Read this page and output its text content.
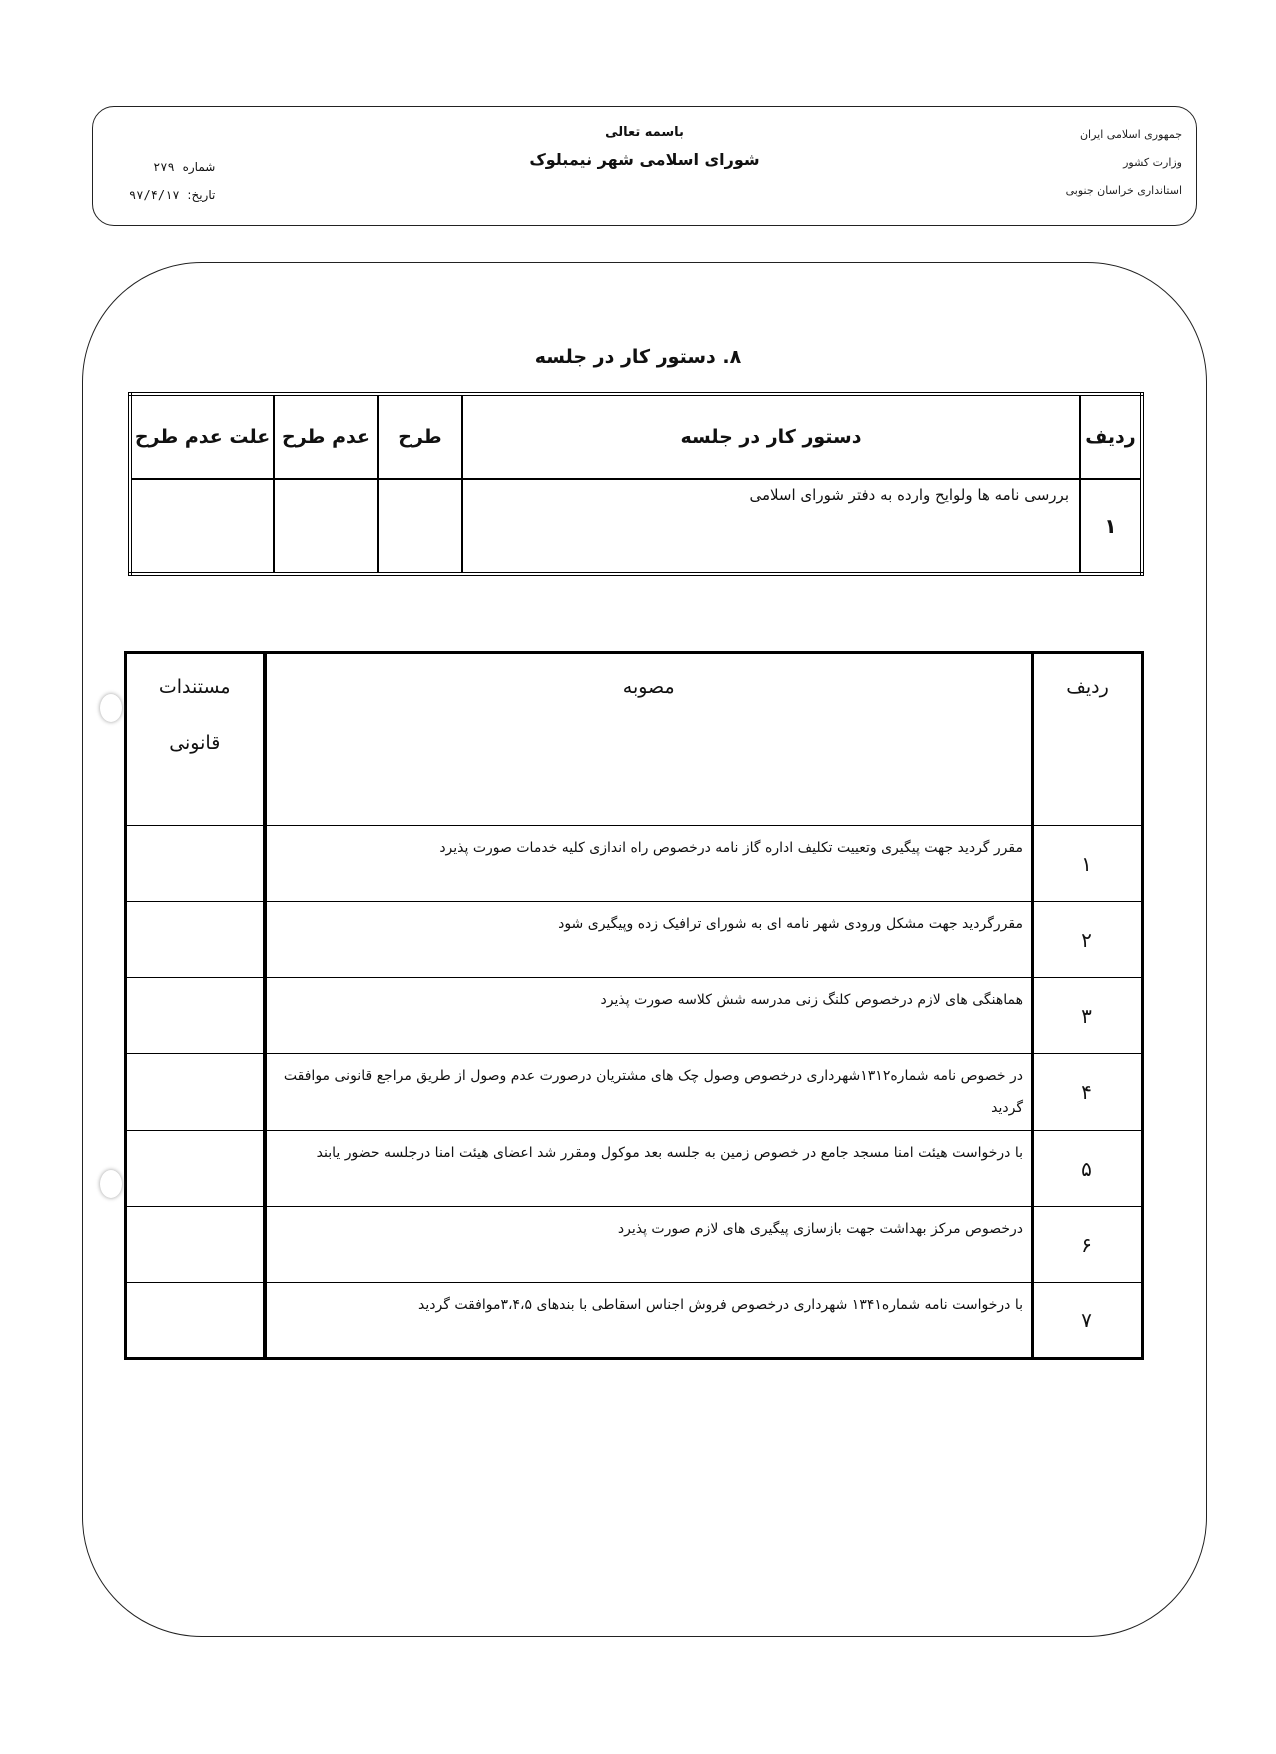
جمهوری اسلامی ایران
وزارت کشور
استانداری خراسان جنوبی
باسمه تعالی
شورای اسلامی شهر نیمبلوک
شماره ۲۷۹
تاریخ: ۹۷/۴/۱۷
۸. دستور کار در جلسه
ردیف	دستور کار در جلسه	طرح	عدم طرح	علت عدم طرح
۱	بررسی نامه ها ولوایح وارده به دفتر شورای اسلامی			
ردیف	مصوبه	مستندات
قانونی

۱	مقرر گردید جهت پیگیری وتعییت تکلیف اداره گاز نامه درخصوص راه اندازی کلیه خدمات صورت پذیرد	
۲	مقررگردید جهت مشکل ورودی شهر نامه ای به شورای ترافیک زده وپیگیری شود	
۳	هماهنگی های لازم درخصوص کلنگ زنی مدرسه شش کلاسه صورت پذیرد	
۴	در خصوص نامه شماره۱۳۱۲شهرداری درخصوص وصول چک های مشتریان درصورت عدم وصول از طریق مراجع قانونی موافقت گردید	
۵	با درخواست هیئت امنا مسجد جامع در خصوص زمین به جلسه بعد موکول ومقرر شد اعضای هیئت امنا درجلسه حضور یابند	
۶	درخصوص مرکز بهداشت جهت بازسازی پیگیری های لازم صورت پذیرد	
۷	با درخواست نامه شماره۱۳۴۱ شهرداری درخصوص فروش اجناس اسقاطی با بندهای ۳،۴،۵موافقت گردید	
